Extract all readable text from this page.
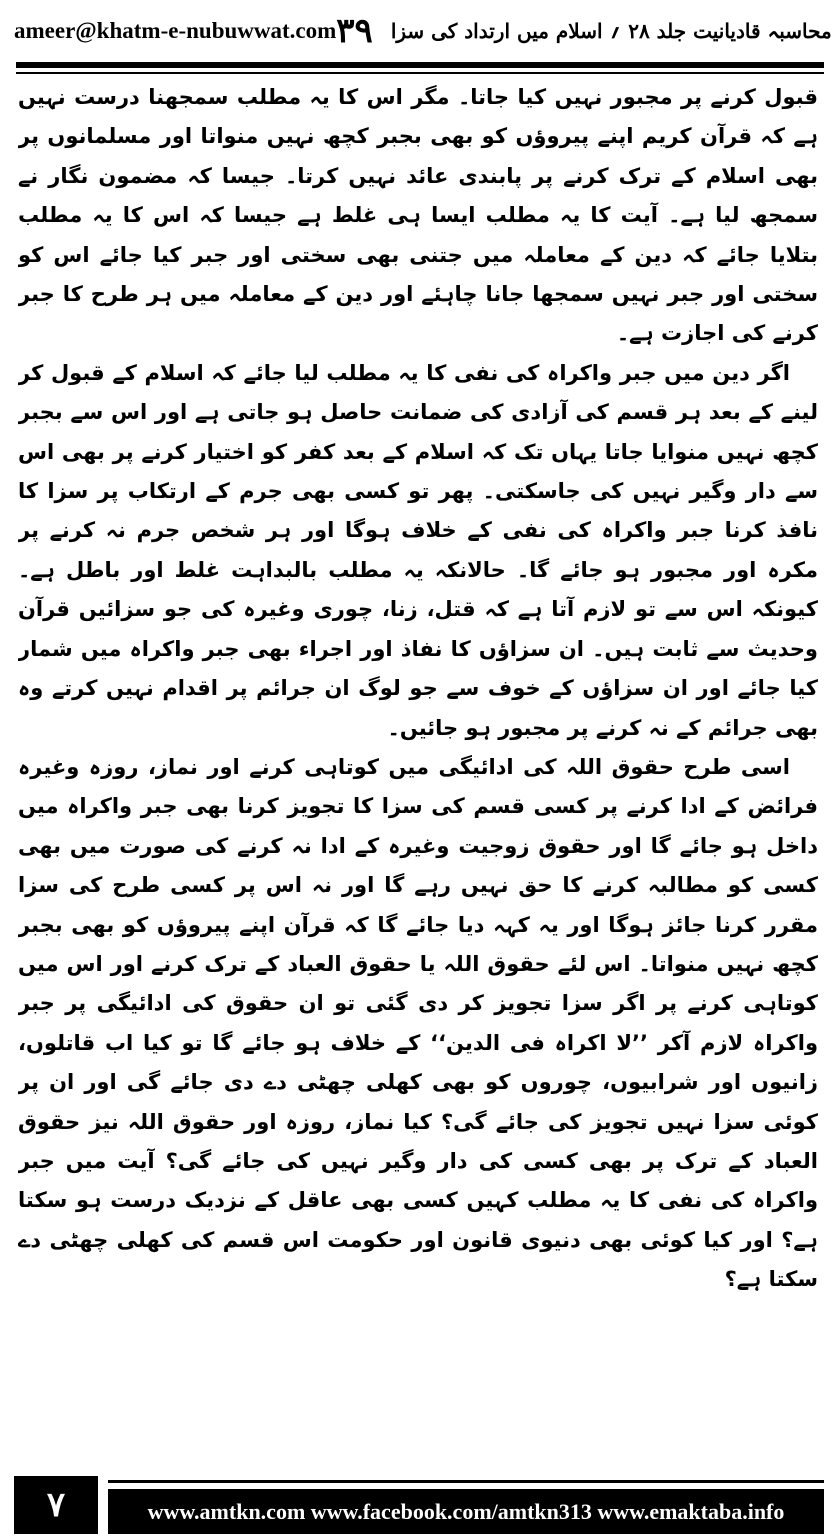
ameer@khatm-e-nubuwwat.com	محاسبہ قادیانیت جلد ۲۸ ؍ اسلام میں ارتداد کی سزا
۳۹

قبول کرنے پر مجبور نہیں کیا جاتا۔ مگر اس کا یہ مطلب سمجھنا درست نہیں ہے کہ قرآن کریم اپنے پیروؤں کو بھی بجبر کچھ نہیں منواتا اور مسلمانوں پر بھی اسلام کے ترک کرنے پر پابندی عائد نہیں کرتا۔ جیسا کہ مضمون نگار نے سمجھ لیا ہے۔ آیت کا یہ مطلب ایسا ہی غلط ہے جیسا کہ اس کا یہ مطلب بتلایا جائے کہ دین کے معاملہ میں جتنی بھی سختی اور جبر کیا جائے اس کو سختی اور جبر نہیں سمجھا جانا چاہئے اور دین کے معاملہ میں ہر طرح کا جبر کرنے کی اجازت ہے۔

اگر دین میں جبر واکراہ کی نفی کا یہ مطلب لیا جائے کہ اسلام کے قبول کر لینے کے بعد ہر قسم کی آزادی کی ضمانت حاصل ہو جاتی ہے اور اس سے بجبر کچھ نہیں منوایا جاتا یہاں تک کہ اسلام کے بعد کفر کو اختیار کرنے پر بھی اس سے دار وگیر نہیں کی جاسکتی۔ پھر تو کسی بھی جرم کے ارتکاب پر سزا کا نافذ کرنا جبر واکراہ کی نفی کے خلاف ہوگا اور ہر شخص جرم نہ کرنے پر مکرہ اور مجبور ہو جائے گا۔ حالانکہ یہ مطلب بالبداہت غلط اور باطل ہے۔ کیونکہ اس سے تو لازم آتا ہے کہ قتل، زنا، چوری وغیرہ کی جو سزائیں قرآن وحدیث سے ثابت ہیں۔ ان سزاؤں کا نفاذ اور اجراء بھی جبر واکراہ میں شمار کیا جائے اور ان سزاؤں کے خوف سے جو لوگ ان جرائم پر اقدام نہیں کرتے وہ بھی جرائم کے نہ کرنے پر مجبور ہو جائیں۔

اسی طرح حقوق اللہ کی ادائیگی میں کوتاہی کرنے اور نماز، روزہ وغیرہ فرائض کے ادا کرنے پر کسی قسم کی سزا کا تجویز کرنا بھی جبر واکراہ میں داخل ہو جائے گا اور حقوق زوجیت وغیرہ کے ادا نہ کرنے کی صورت میں بھی کسی کو مطالبہ کرنے کا حق نہیں رہے گا اور نہ اس پر کسی طرح کی سزا مقرر کرنا جائز ہوگا اور یہ کہہ دیا جائے گا کہ قرآن اپنے پیروؤں کو بھی بجبر کچھ نہیں منواتا۔ اس لئے حقوق اللہ یا حقوق العباد کے ترک کرنے اور اس میں کوتاہی کرنے پر اگر سزا تجویز کر دی گئی تو ان حقوق کی ادائیگی پر جبر واکراہ لازم آکر ’’لا اکراہ فی الدین‘‘ کے خلاف ہو جائے گا تو کیا اب قاتلوں، زانیوں اور شرابیوں، چوروں کو بھی کھلی چھٹی دے دی جائے گی اور ان پر کوئی سزا نہیں تجویز کی جائے گی؟ کیا نماز، روزہ اور حقوق اللہ نیز حقوق العباد کے ترک پر بھی کسی کی دار وگیر نہیں کی جائے گی؟ آیت میں جبر واکراہ کی نفی کا یہ مطلب کہیں کسی بھی عاقل کے نزدیک درست ہو سکتا ہے؟ اور کیا کوئی بھی دنیوی قانون اور حکومت اس قسم کی کھلی چھٹی دے سکتا ہے؟

۷	www.amtkn.com www.facebook.com/amtkn313 www.emaktaba.info
